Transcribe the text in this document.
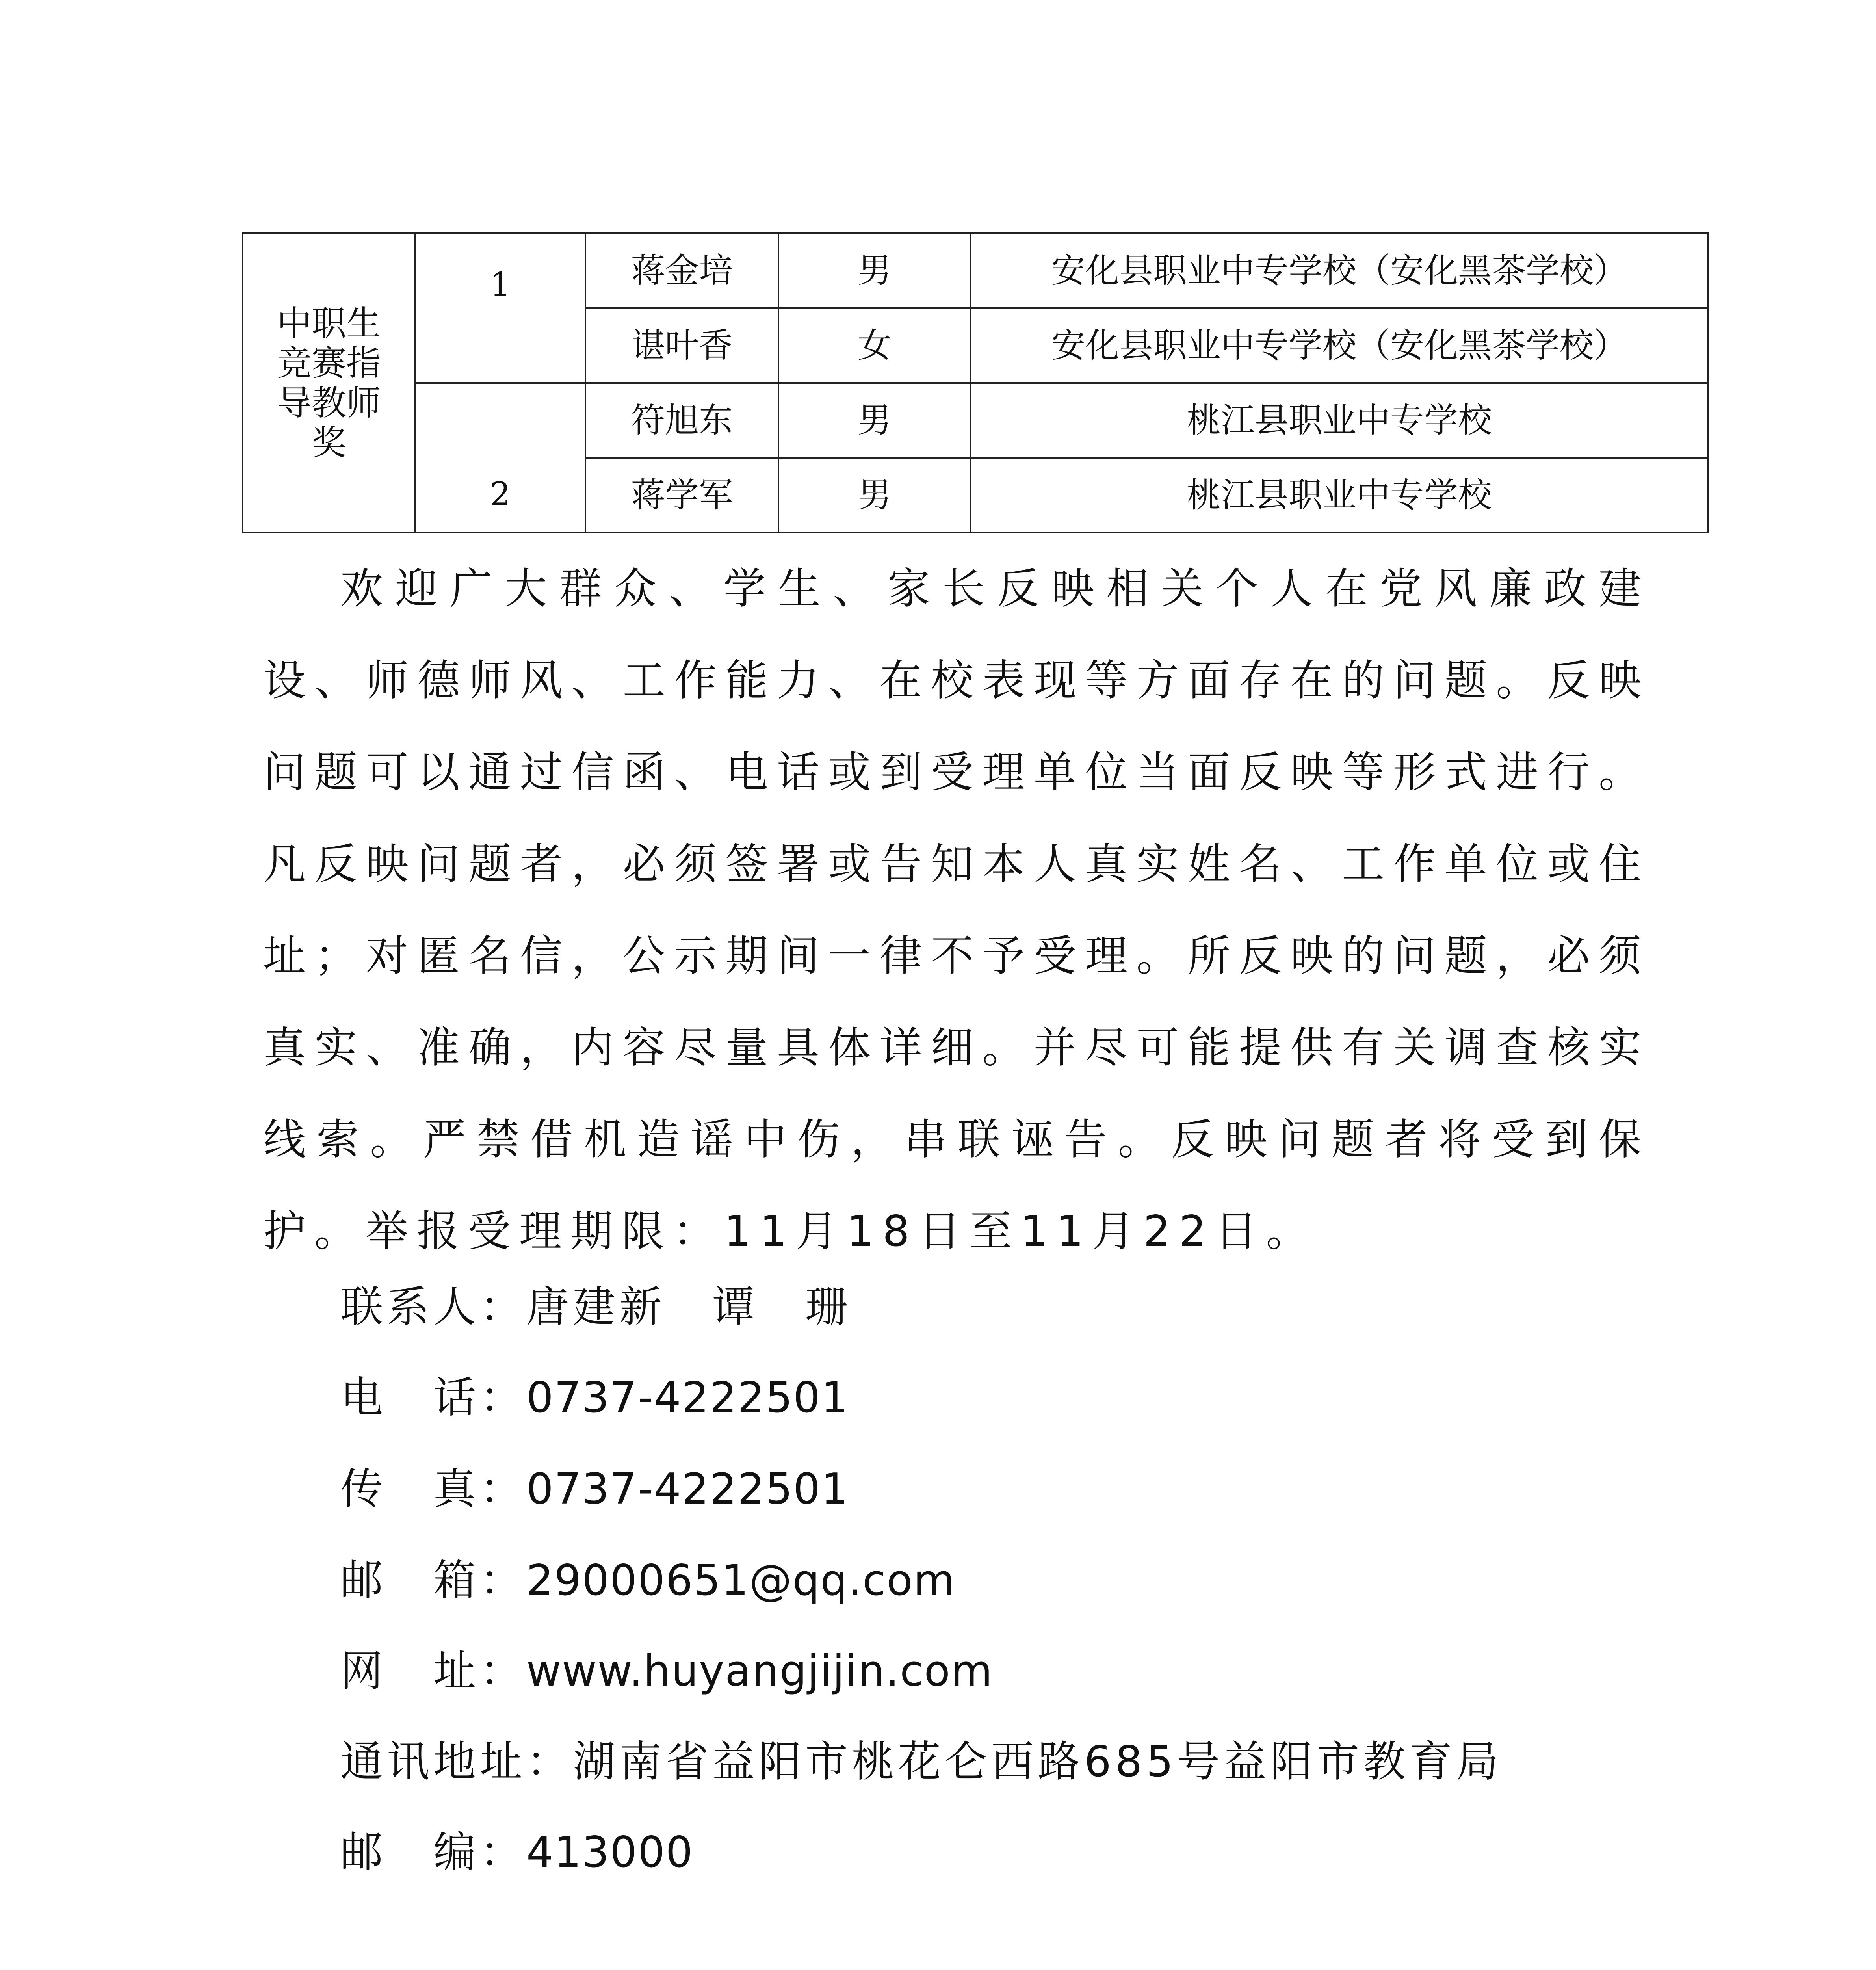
中职生
竞赛指
导教师
奖	1	蒋金培	男	安化县职业中专学校（安化黑茶学校）
		谌叶香	女	安化县职业中专学校（安化黑茶学校）
	2	符旭东	男	桃江县职业中专学校
		蒋学军	男	桃江县职业中专学校

欢迎广大群众、学生、家长反映相关个人在党风廉政建设、师德师风、工作能力、在校表现等方面存在的问题。反映问题可以通过信函、电话或到受理单位当面反映等形式进行。凡反映问题者，必须签署或告知本人真实姓名、工作单位或住址；对匿名信，公示期间一律不予受理。所反映的问题，必须真实、准确，内容尽量具体详细。并尽可能提供有关调查核实线索。严禁借机造谣中伤，串联诬告。反映问题者将受到保护。举报受理期限：11月18日至11月22日。

联系人：唐建新　谭　珊

电　话：0737-4222501

传　真：0737-4222501

邮　箱：29000651@qq.com

网　址：www.huyangjijin.com

通讯地址：湖南省益阳市桃花仑西路685号益阳市教育局

邮　编：413000
